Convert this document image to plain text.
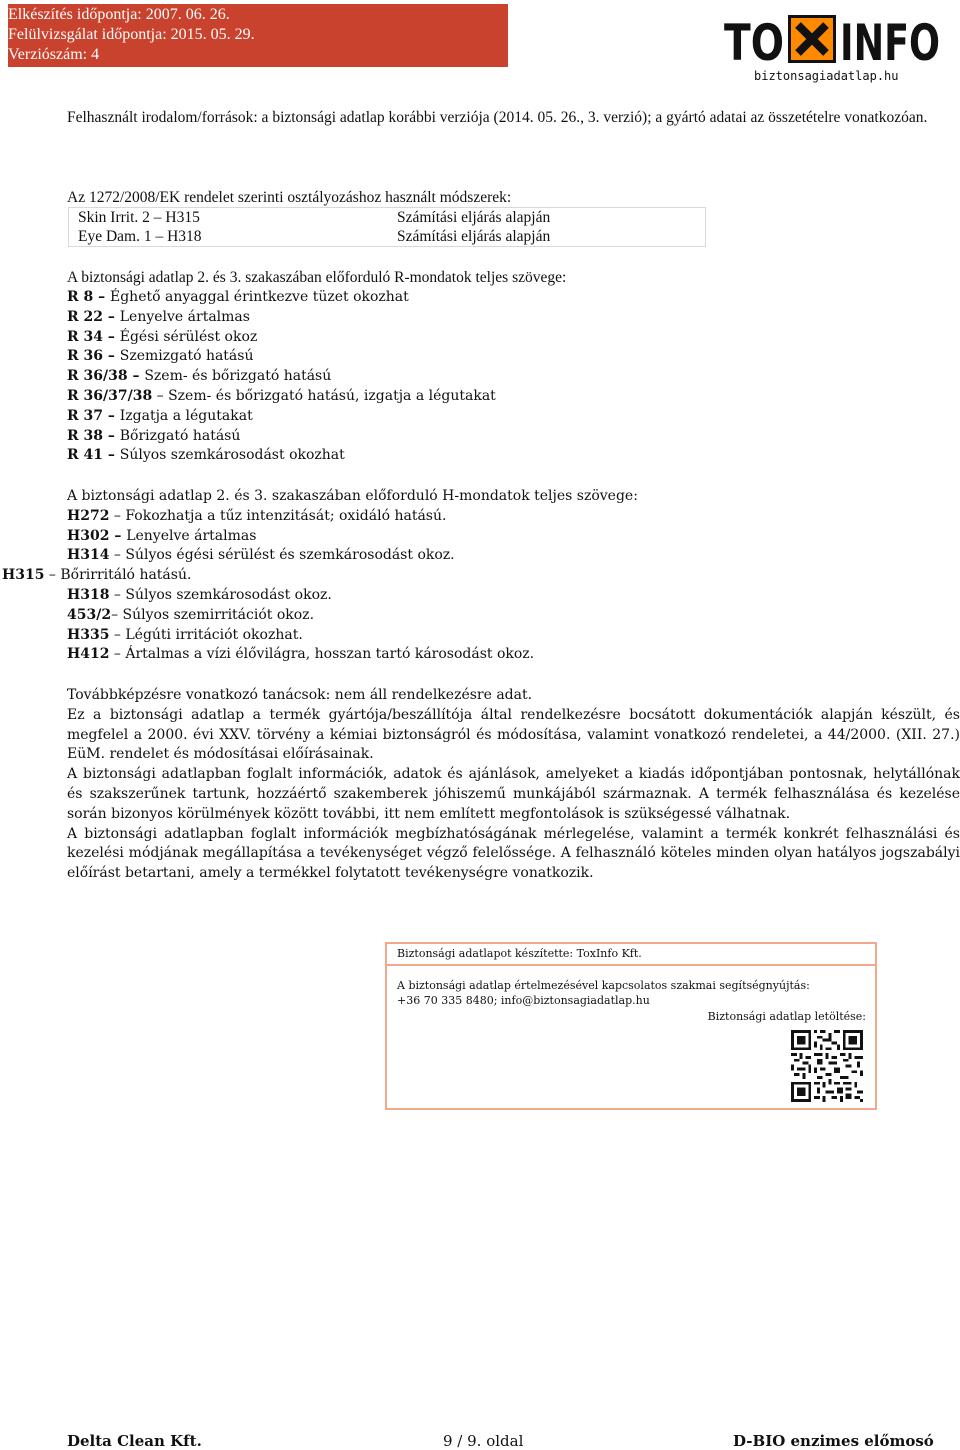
Elkészítés időpontja: 2007. 06. 26.
Felülvizsgálat időpontja: 2015. 05. 29.
Verziószám: 4	TO INFO
biztonsagiadatlap.hu
Felhasznált irodalom/források: a biztonsági adatlap korábbi verziója (2014. 05. 26., 3. verzió); a gyártó adatai az összetételre vonatkozóan.
Az 1272/2008/EK rendelet szerinti osztályozáshoz használt módszerek:
Skin Irrit. 2 – H315	Számítási eljárás alapján
Eye Dam. 1 – H318	Számítási eljárás alapján
A biztonsági adatlap 2. és 3. szakaszában előforduló R-mondatok teljes szövege:
R 8 – Éghető anyaggal érintkezve tüzet okozhat
R 22 – Lenyelve ártalmas
R 34 – Égési sérülést okoz
R 36 – Szemizgató hatású
R 36/38 – Szem- és bőrizgató hatású
R 36/37/38 – Szem- és bőrizgató hatású, izgatja a légutakat
R 37 – Izgatja a légutakat
R 38 – Bőrizgató hatású
R 41 – Súlyos szemkárosodást okozhat
A biztonsági adatlap 2. és 3. szakaszában előforduló H-mondatok teljes szövege:
H272 – Fokozhatja a tűz intenzitását; oxidáló hatású.
H302 – Lenyelve ártalmas
H314 – Súlyos égési sérülést és szemkárosodást okoz.
H315 – Bőrirritáló hatású.
H318 – Súlyos szemkárosodást okoz.
453/2– Súlyos szemirritációt okoz.
H335 – Légúti irritációt okozhat.
H412 – Ártalmas a vízi élővilágra, hosszan tartó károsodást okoz.
Továbbképzésre vonatkozó tanácsok: nem áll rendelkezésre adat.
Ez a biztonsági adatlap a termék gyártója/beszállítója által rendelkezésre bocsátott dokumentációk alapján készült, és megfelel a 2000. évi XXV. törvény a kémiai biztonságról és módosítása, valamint vonatkozó rendeletei, a 44/2000. (XII. 27.) EüM. rendelet és módosításai előírásainak.
A biztonsági adatlapban foglalt információk, adatok és ajánlások, amelyeket a kiadás időpontjában pontosnak, helytállónak és szakszerűnek tartunk, hozzáértő szakemberek jóhiszemű munkájából származnak. A termék felhasználása és kezelése során bizonyos körülmények között további, itt nem említett megfontolások is szükségessé válhatnak.
A biztonsági adatlapban foglalt információk megbízhatóságának mérlegelése, valamint a termék konkrét felhasználási és kezelési módjának megállapítása a tevékenységet végző felelőssége. A felhasználó köteles minden olyan hatályos jogszabályi előírást betartani, amely a termékkel folytatott tevékenységre vonatkozik.
Biztonsági adatlapot készítette: ToxInfo Kft.
A biztonsági adatlap értelmezésével kapcsolatos szakmai segítségnyújtás:
+36 70 335 8480; info@biztonsagiadatlap.hu
Biztonsági adatlap letöltése:
Delta Clean Kft.	9 / 9. oldal	D-BIO enzimes előmosó
